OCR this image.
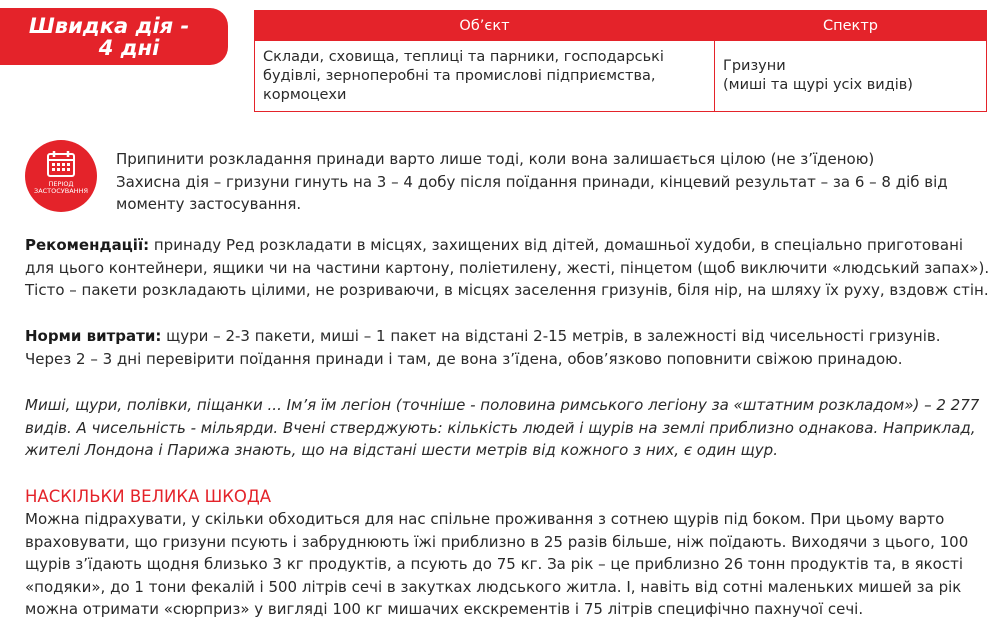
Швидка дія -
4 дні
Об’єкт	Спектр
Склади, сховища, теплиці та парники, господарські будівлі, зерноперобні та промислові підприємства, кормоцехи	Гризуни
(миші та щурі усіх видів)
ПЕРІОД
ЗАСТОСУВАННЯ
Припинити розкладання принади варто лише тоді, коли вона залишається цілою (не з’їденою)
Захисна дія – гризуни гинуть на 3 – 4 добу після поїдання принади, кінцевий результат – за 6 – 8 діб від моменту застосування.
Рекомендації: принаду Ред розкладати в місцях, захищених від дітей, домашньої худоби, в спеціально приготовані для цього контейнери, ящики чи на частини картону, поліетилену, жесті, пінцетом (щоб виключити «людський запах»). Тісто – пакети розкладають цілими, не розриваючи, в місцях заселення гризунів, біля нір, на шляху їх руху, вздовж стін.
Норми витрати: щури – 2-3 пакети, миші – 1 пакет на відстані 2-15 метрів, в залежності від чисельності гризунів. Через 2 – 3 дні перевірити поїдання принади і там, де вона з’їдена, обов’язково поповнити свіжою принадою.
Миші, щури, полівки, піщанки ... Ім’я їм легіон (точніше - половина римського легіону за «штатним розкладом») – 2 277 видів. А чисельність - мільярди. Вчені стверджують: кількість людей і щурів на землі приблизно однакова. Наприклад, жителі Лондона і Парижа знають, що на відстані шести метрів від кожного з них, є один щур.
НАСКІЛЬКИ ВЕЛИКА ШКОДА
Можна підрахувати, у скільки обходиться для нас спільне проживання з сотнею щурів під боком. При цьому варто враховувати, що гризуни псують і забруднюють їжі приблизно в 25 разів більше, ніж поїдають. Виходячи з цього, 100 щурів з’їдають щодня близько 3 кг продуктів, а псують до 75 кг. За рік – це приблизно 26 тонн продуктів та, в якості «подяки», до 1 тони фекалій і 500 літрів сечі в закутках людського житла. І, навіть від сотні маленьких мишей за рік можна отримати «сюрприз» у вигляді 100 кг мишачих екскрементів і 75 літрів специфічно пахнучої сечі.
